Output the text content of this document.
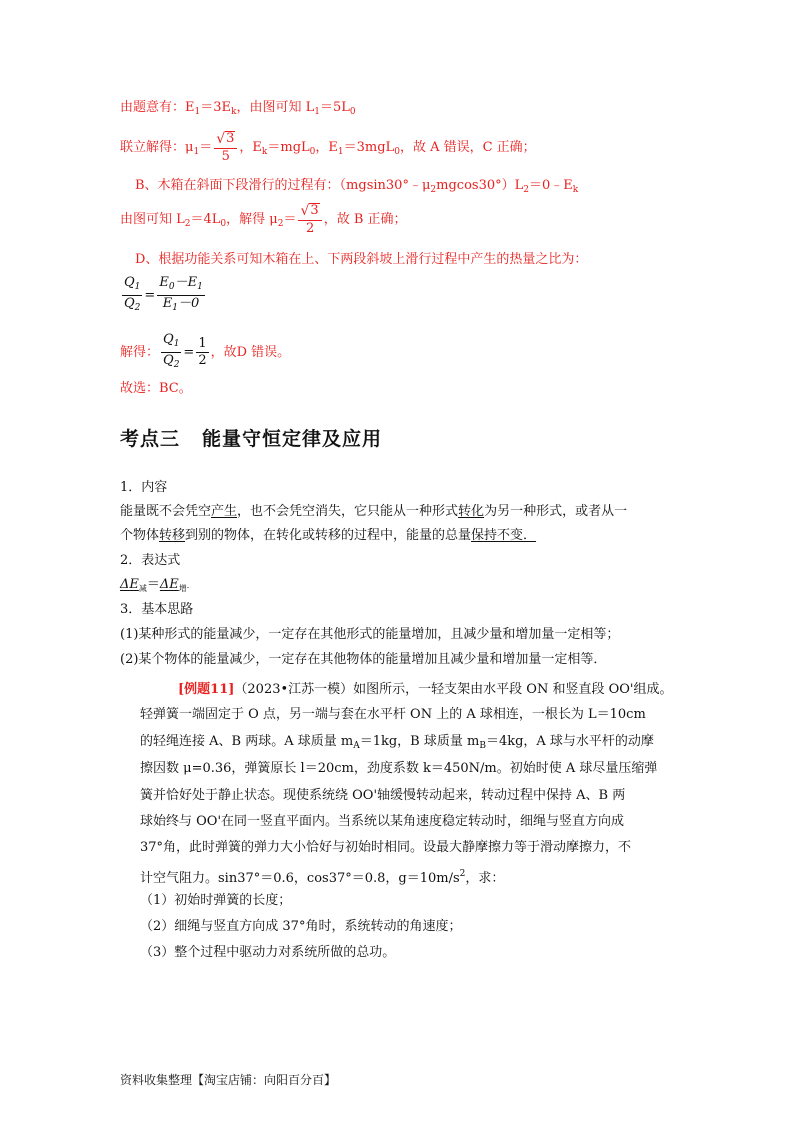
由题意有：$E_1=3E_k$，由图可知 $L_1=5L_0$
联立解得：$\mu_1= \frac{√ 3}{5}$ ，$E_k=mgL_0$，$E_1=3mgL_0$，故 A 错误，C 正确；
B、木箱在斜面下段滑行的过程有：$(mgsin30^\circ﹣\mu_2mgcos30^\circ)L_2=0﹣E_k$
由图可知 $L_2=4L_0$，解得 $\mu_2= \frac{√ 3}{2}$ ，故 B 正确；
D、根据功能关系可知木箱在上、下两段斜坡上滑行过程中产生的热量之比为：
$\frac{Q_1}{Q_2} = \frac{E_0-E_1}{E_1-0}$
解得： $\frac{Q_1}{Q_2} = \frac{1}{2}$ ，故D 错误。
故选：BC。
考点三 能量守恒定律及应用
1．内容
能量既不会凭空产生，也不会凭空消失，它只能从一种形式转化为另一种形式，或者从一
个物体转移到别的物体，在转化或转移的过程中，能量的总量保持不变．
2．表达式
$\Delta E_减=\Delta E_增$．
3．基本思路
(1)某种形式的能量减少，一定存在其他形式的能量增加，且减少量和增加量一定相等；
(2)某个物体的能量减少，一定存在其他物体的能量增加且减少量和增加量一定相等．
[例题11]（2023•江苏一模）如图所示，一轻支架由水平段 ON 和竖直段 OO'组成。
轻弹簧一端固定于 O 点，另一端与套在水平杆 ON 上的 A 球相连，一根长为 L＝10cm
的轻绳连接 A、B 两球。A 球质量 $m_A=1kg$，B 球质量 $m_B=4kg$，A 球与水平杆的动摩
擦因数 μ=0.36，弹簧原长 l＝20cm，劲度系数 k＝450N/m。初始时使 A 球尽量压缩弹
簧并恰好处于静止状态。现使系统绕 OO'轴缓慢转动起来，转动过程中保持 A、B 两
球始终与 OO'在同一竖直平面内。当系统以某角速度稳定转动时，细绳与竖直方向成
37°角，此时弹簧的弹力大小恰好与初始时相同。设最大静摩擦力等于滑动摩擦力，不
计空气阻力。sin37°＝0.6，cos37°＝0.8，$g=10m/s^2$，求：
（1）初始时弹簧的长度；
（2）细绳与竖直方向成 37°角时，系统转动的角速度；
（3）整个过程中驱动力对系统所做的总功。
资料收集整理【淘宝店铺：向阳百分百】
